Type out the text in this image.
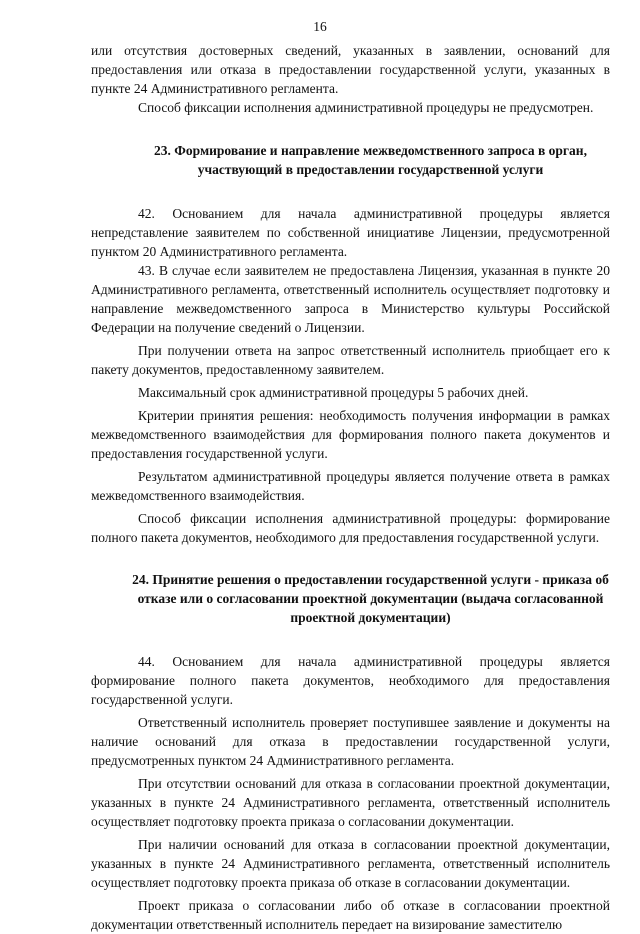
16

или отсутствия достоверных сведений, указанных в заявлении, оснований для предоставления или отказа в предоставлении государственной услуги, указанных в пункте 24 Административного регламента.

Способ фиксации исполнения административной процедуры не предусмотрен.

23. Формирование и направление межведомственного запроса в орган, участвующий в предоставлении государственной услуги

42. Основанием для начала административной процедуры является непредставление заявителем по собственной инициативе Лицензии, предусмотренной пунктом 20 Административного регламента.

43. В случае если заявителем не предоставлена Лицензия, указанная в пункте 20 Административного регламента, ответственный исполнитель осуществляет подготовку и направление межведомственного запроса в Министерство культуры Российской Федерации на получение сведений о Лицензии.

При получении ответа на запрос ответственный исполнитель приобщает его к пакету документов, предоставленному заявителем.

Максимальный срок административной процедуры 5 рабочих дней.

Критерии принятия решения: необходимость получения информации в рамках межведомственного взаимодействия для формирования полного пакета документов и предоставления государственной услуги.

Результатом административной процедуры является получение ответа в рамках межведомственного взаимодействия.

Способ фиксации исполнения административной процедуры: формирование полного пакета документов, необходимого для предоставления государственной услуги.

24. Принятие решения о предоставлении государственной услуги - приказа об отказе или о согласовании проектной документации (выдача согласованной проектной документации)

44. Основанием для начала административной процедуры является формирование полного пакета документов, необходимого для предоставления государственной услуги.

Ответственный исполнитель проверяет поступившее заявление и документы на наличие оснований для отказа в предоставлении государственной услуги, предусмотренных пунктом 24 Административного регламента.

При отсутствии оснований для отказа в согласовании проектной документации, указанных в пункте 24 Административного регламента, ответственный исполнитель осуществляет подготовку проекта приказа о согласовании документации.

При наличии оснований для отказа в согласовании проектной документации, указанных в пункте 24 Административного регламента, ответственный исполнитель осуществляет подготовку проекта приказа об отказе в согласовании документации.

Проект приказа о согласовании либо об отказе в согласовании проектной документации ответственный исполнитель передает на визирование заместителю
